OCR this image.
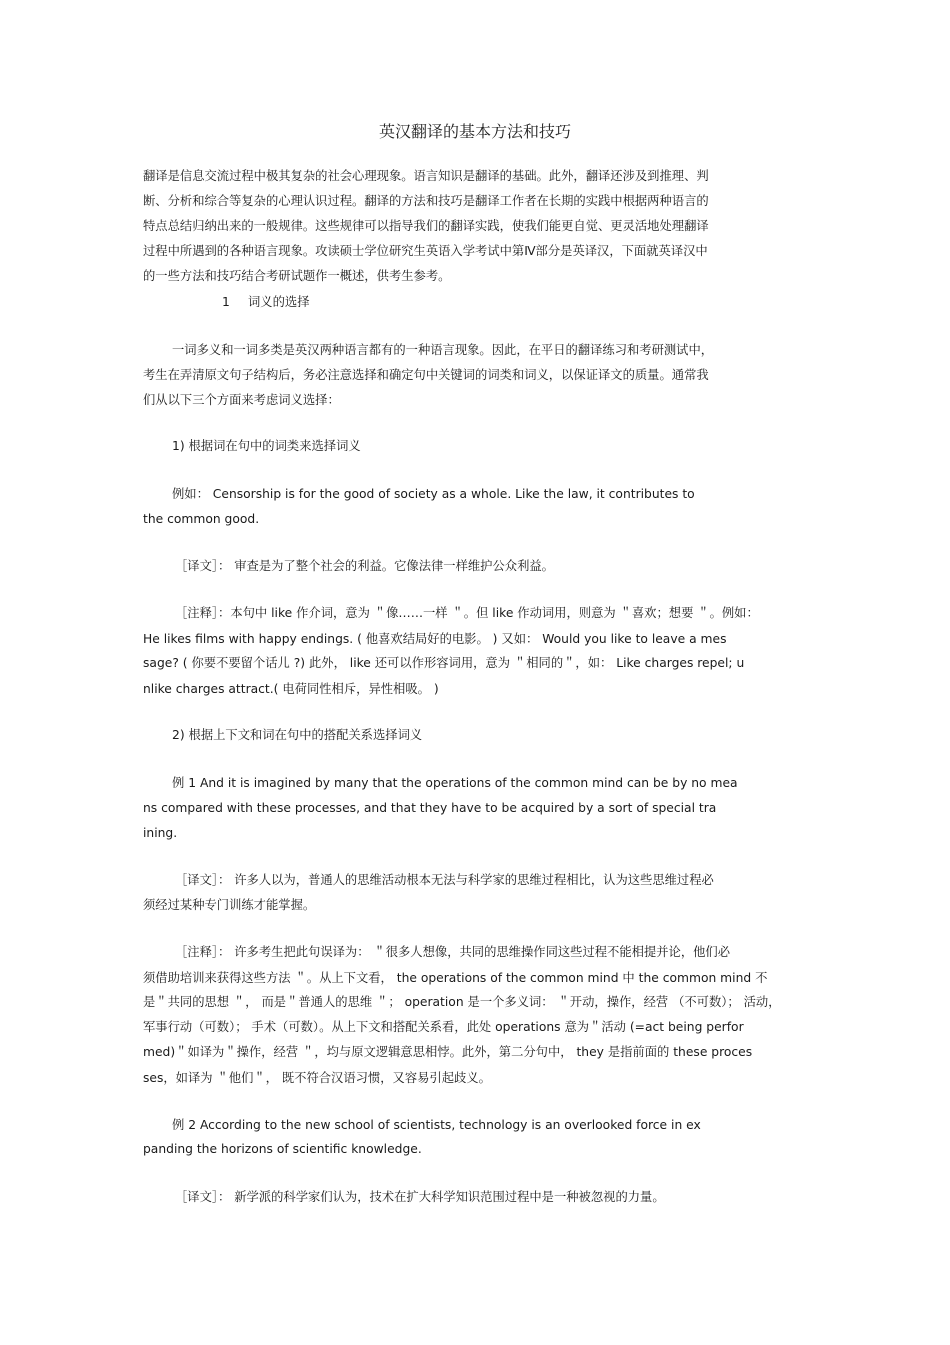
英汉翻译的基本方法和技巧
翻译是信息交流过程中极其复杂的社会心理现象。语言知识是翻译的基础。此外，翻译还涉及到推理、判
断、分析和综合等复杂的心理认识过程。翻译的方法和技巧是翻译工作者在长期的实践中根据两种语言的
特点总结归纳出来的一般规律。这些规律可以指导我们的翻译实践，使我们能更自觉、更灵活地处理翻译
过程中所遇到的各种语言现象。攻读硕士学位研究生英语入学考试中第Ⅳ部分是英译汉，下面就英译汉中
的一些方法和技巧结合考研试题作一概述，供考生参考。
1 词义的选择
一词多义和一词多类是英汉两种语言都有的一种语言现象。因此，在平日的翻译练习和考研测试中，
考生在弄清原文句子结构后，务必注意选择和确定句中关键词的词类和词义，以保证译文的质量。通常我
们从以下三个方面来考虑词义选择：
1) 根据词在句中的词类来选择词义
例如： Censorship is for the good of society as a whole. Like the law, it contributes to
the common good.
［译文］： 审查是为了整个社会的利益。它像法律一样维护公众利益。
［注释］：本句中 like 作介词，意为 ＂像……一样 ＂。但 like 作动词用，则意为 ＂喜欢；想要 ＂。例如：
He likes films with happy endings. ( 他喜欢结局好的电影。 ) 又如： Would you like to leave a mes
sage? ( 你要不要留个话儿 ?) 此外， like 还可以作形容词用，意为 ＂相同的＂，如： Like charges repel; u
nlike charges attract.( 电荷同性相斥，异性相吸。 )
2) 根据上下文和词在句中的搭配关系选择词义
例 1 And it is imagined by many that the operations of the common mind can be by no mea
ns compared with these processes, and that they have to be acquired by a sort of special tra
ining.
［译文］： 许多人以为，普通人的思维活动根本无法与科学家的思维过程相比，认为这些思维过程必
须经过某种专门训练才能掌握。
［注释］： 许多考生把此句误译为： ＂很多人想像，共同的思维操作同这些过程不能相提并论，他们必
须借助培训来获得这些方法 ＂。从上下文看， the operations of the common mind 中 the common mind 不
是＂共同的思想 ＂， 而是＂普通人的思维 ＂； operation 是一个多义词： ＂开动，操作，经营 （不可数）； 活动，
军事行动（可数）； 手术（可数）。从上下文和搭配关系看，此处 operations 意为＂活动 (=act being perfor
med)＂如译为＂操作，经营 ＂，均与原文逻辑意思相悖。此外，第二分句中， they 是指前面的 these proces
ses，如译为 ＂他们＂， 既不符合汉语习惯，又容易引起歧义。
例 2 According to the new school of scientists, technology is an overlooked force in ex
panding the horizons of scientific knowledge.
［译文］： 新学派的科学家们认为，技术在扩大科学知识范围过程中是一种被忽视的力量。
